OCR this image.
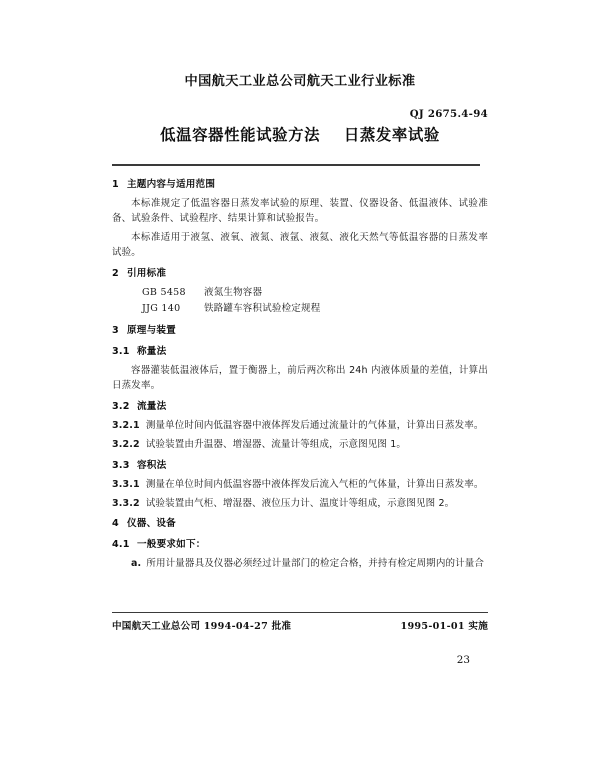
中国航天工业总公司航天工业行业标准
QJ 2675.4-94
低温容器性能试验方法    日蒸发率试验
1 主题内容与适用范围

本标准规定了低温容器日蒸发率试验的原理、装置、仪器设备、低温液体、试验准备、试验条件、试验程序、结果计算和试验报告。

本标准适用于液氢、液氧、液氮、液氩、液氦、液化天然气等低温容器的日蒸发率试验。

2 引用标准
GB 5458 液氮生物容器
JJG 140 铁路罐车容积试验检定规程
3 原理与装置
3.1 称量法

容器灌装低温液体后，置于衡器上，前后两次称出 24h 内液体质量的差值，计算出日蒸发率。

3.2 流量法

3.2.1 测量单位时间内低温容器中液体挥发后通过流量计的气体量，计算出日蒸发率。

3.2.2 试验装置由升温器、增湿器、流量计等组成，示意图见图 1。

3.3 容积法

3.3.1 测量在单位时间内低温容器中液体挥发后流入气柜的气体量，计算出日蒸发率。

3.3.2 试验装置由气柜、增湿器、液位压力计、温度计等组成，示意图见图 2。

4 仪器、设备
4.1 一般要求如下：
a. 所用计量器具及仪器必须经过计量部门的检定合格，并持有检定周期内的计量合
中国航天工业总公司 1994-04-27 批准	1995-01-01 实施
23
